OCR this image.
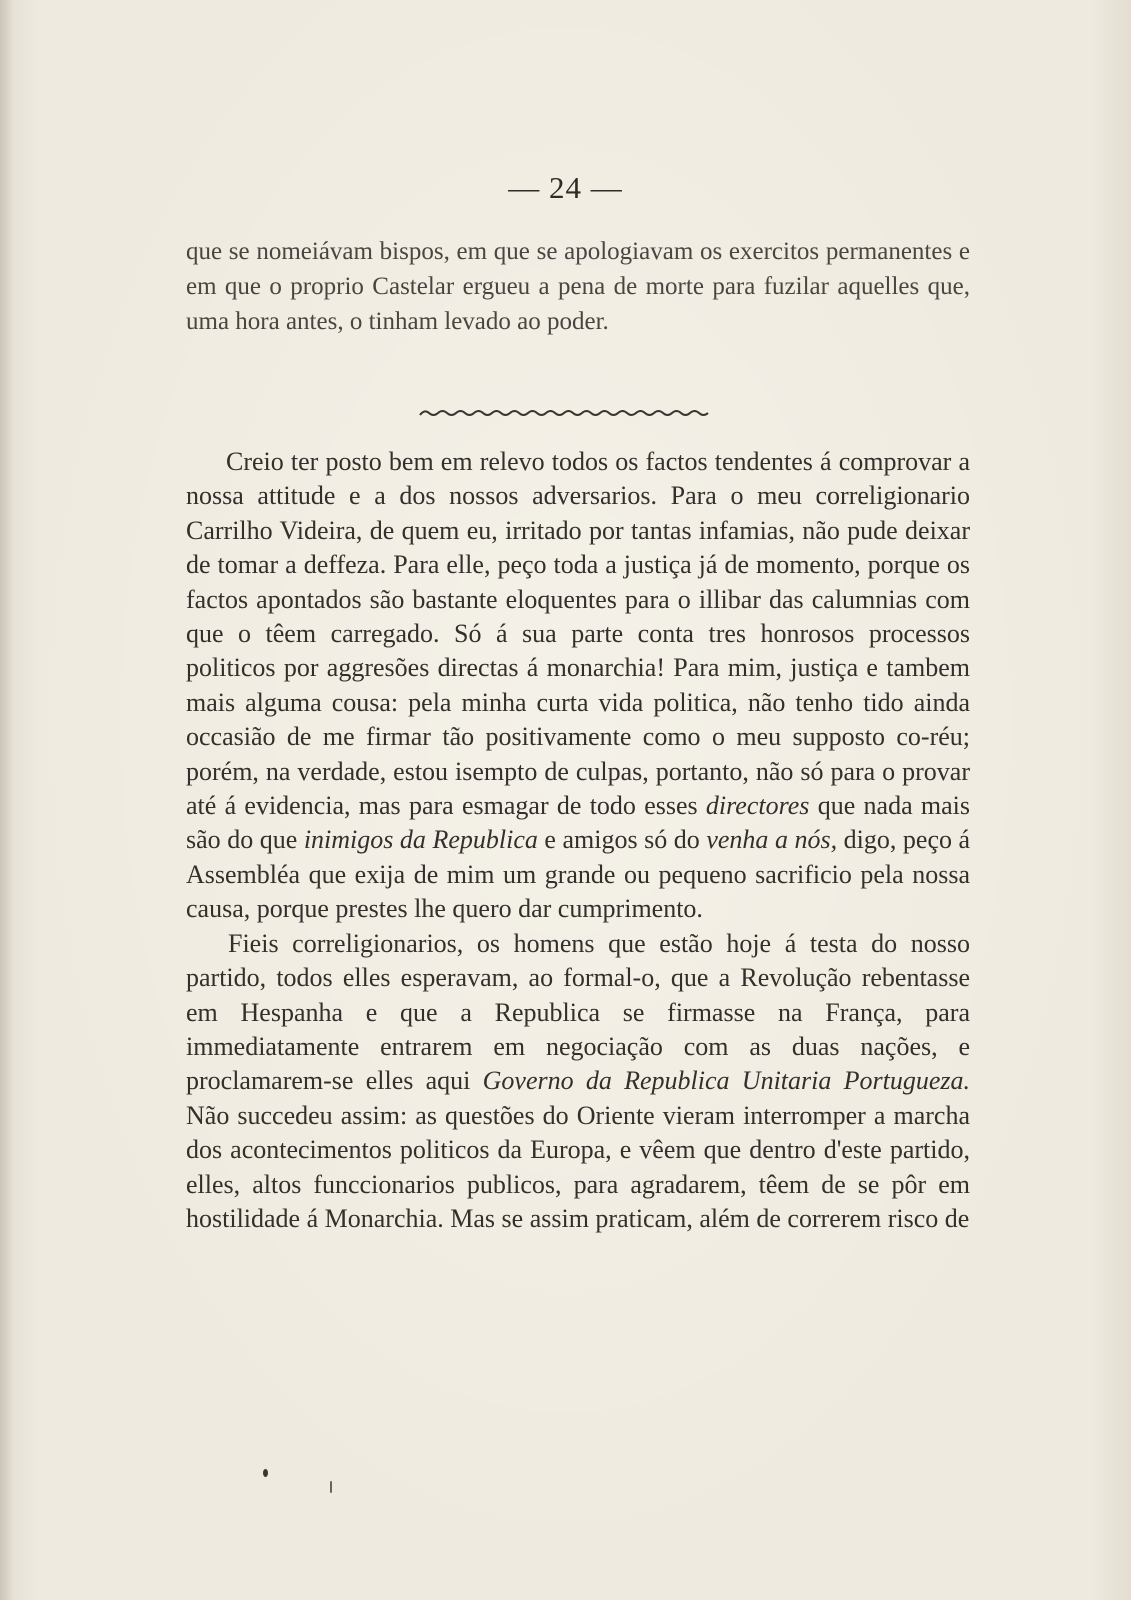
— 24 —

que se nomeiávam bispos, em que se apologiavam os exercitos permanentes e em que o proprio Castelar ergueu a pena de morte para fuzilar aquelles que, uma hora antes, o tinham levado ao poder.

Creio ter posto bem em relevo todos os factos tendentes á comprovar a nossa attitude e a dos nossos adversarios. Para o meu correligionario Carrilho Videira, de quem eu, irritado por tantas infamias, não pude deixar de tomar a deffeza. Para elle, peço toda a justiça já de momento, porque os factos apontados são bastante eloquentes para o illibar das calumnias com que o têem carregado. Só á sua parte conta tres honrosos processos politicos por aggresões directas á monarchia! Para mim, justiça e tambem mais alguma cousa: pela minha curta vida politica, não tenho tido ainda occasião de me firmar tão positivamente como o meu supposto co-réu; porém, na verdade, estou isempto de culpas, portanto, não só para o provar até á evidencia, mas para esmagar de todo esses directores que nada mais são do que inimigos da Republica e amigos só do venha a nós, digo, peço á Assembléa que exija de mim um grande ou pequeno sacrificio pela nossa causa, porque prestes lhe quero dar cumprimento.

Fieis correligionarios, os homens que estão hoje á testa do nosso partido, todos elles esperavam, ao formal-o, que a Revolução rebentasse em Hespanha e que a Republica se firmasse na França, para immediatamente entrarem em negociação com as duas nações, e proclamarem-se elles aqui Governo da Republica Unitaria Portugueza. Não succedeu assim: as questões do Oriente vieram interromper a marcha dos acontecimentos politicos da Europa, e vêem que dentro d'este partido, elles, altos funccionarios publicos, para agradarem, têem de se pôr em hostilidade á Monarchia. Mas se assim praticam, além de correrem risco de
